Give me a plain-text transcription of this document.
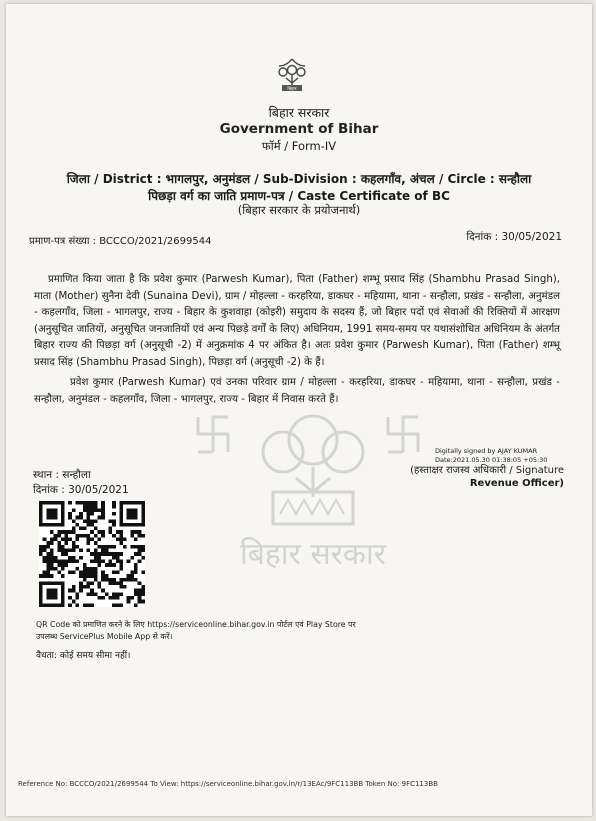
बिहार
बिहार सरकार
Government of Bihar
फॉर्म / Form-IV
जिला / District : भागलपुर, अनुमंडल / Sub-Division : कहलगाँव, अंचल / Circle : सन्हौला
पिछड़ा वर्ग का जाति प्रमाण-पत्र / Caste Certificate of BC
(बिहार सरकार के प्रयोजनार्थ)
प्रमाण-पत्र संख्या : BCCCO/2021/2699544	दिनांक : 30/05/2021
प्रमाणित किया जाता है कि प्रवेश कुमार (Parwesh Kumar), पिता (Father) शम्भू प्रसाद सिंह (Shambhu Prasad Singh), माता (Mother) सुनैना देवी (Sunaina Devi), ग्राम / मोहल्ला - करहरिया, डाकघर - महियामा, थाना - सन्हौला, प्रखंड - सन्हौला, अनुमंडल - कहलगाँव, जिला - भागलपुर, राज्य - बिहार के कुशवाहा (कोइरी) समुदाय के सदस्य हैं, जो बिहार पदों एवं सेवाओं की रिक्तियों में आरक्षण (अनुसूचित जातियों, अनुसूचित जनजातियों एवं अन्य पिछड़े वर्गों के लिए) अधिनियम, 1991 समय-समय पर यथासंशोधित अधिनियम के अंतर्गत बिहार राज्य की पिछड़ा वर्ग (अनुसूची -2) में अनुक्रमांक 4 पर अंकित है। अतः प्रवेश कुमार (Parwesh Kumar), पिता (Father) शम्भू प्रसाद सिंह (Shambhu Prasad Singh), पिछड़ा वर्ग (अनुसूची -2) के हैं।
प्रवेश कुमार (Parwesh Kumar) एवं उनका परिवार ग्राम / मोहल्ला - करहरिया, डाकघर - महियामा, थाना - सन्हौला, प्रखंड - सन्हौला, अनुमंडल - कहलगाँव, जिला - भागलपुर, राज्य - बिहार में निवास करते हैं।
बिहार सरकार
Digitally signed by AJAY KUMAR
Date:2021.05.30 01:38:05 +05:30
स्थान : सन्हौला
दिनांक : 30/05/2021
(हस्ताक्षर राजस्व अधिकारी / Signature
Revenue Officer)
QR Code को प्रमाणित करने के लिए https://serviceonline.bihar.gov.in पोर्टल एवं Play Store पर उपलब्ध ServicePlus Mobile App से करें।
वैधता: कोई समय सीमा नहीं।
Reference No: BCCCO/2021/2699544 To View: https://serviceonline.bihar.gov.in/r/13EAc/9FC113BB Token No: 9FC113BB
